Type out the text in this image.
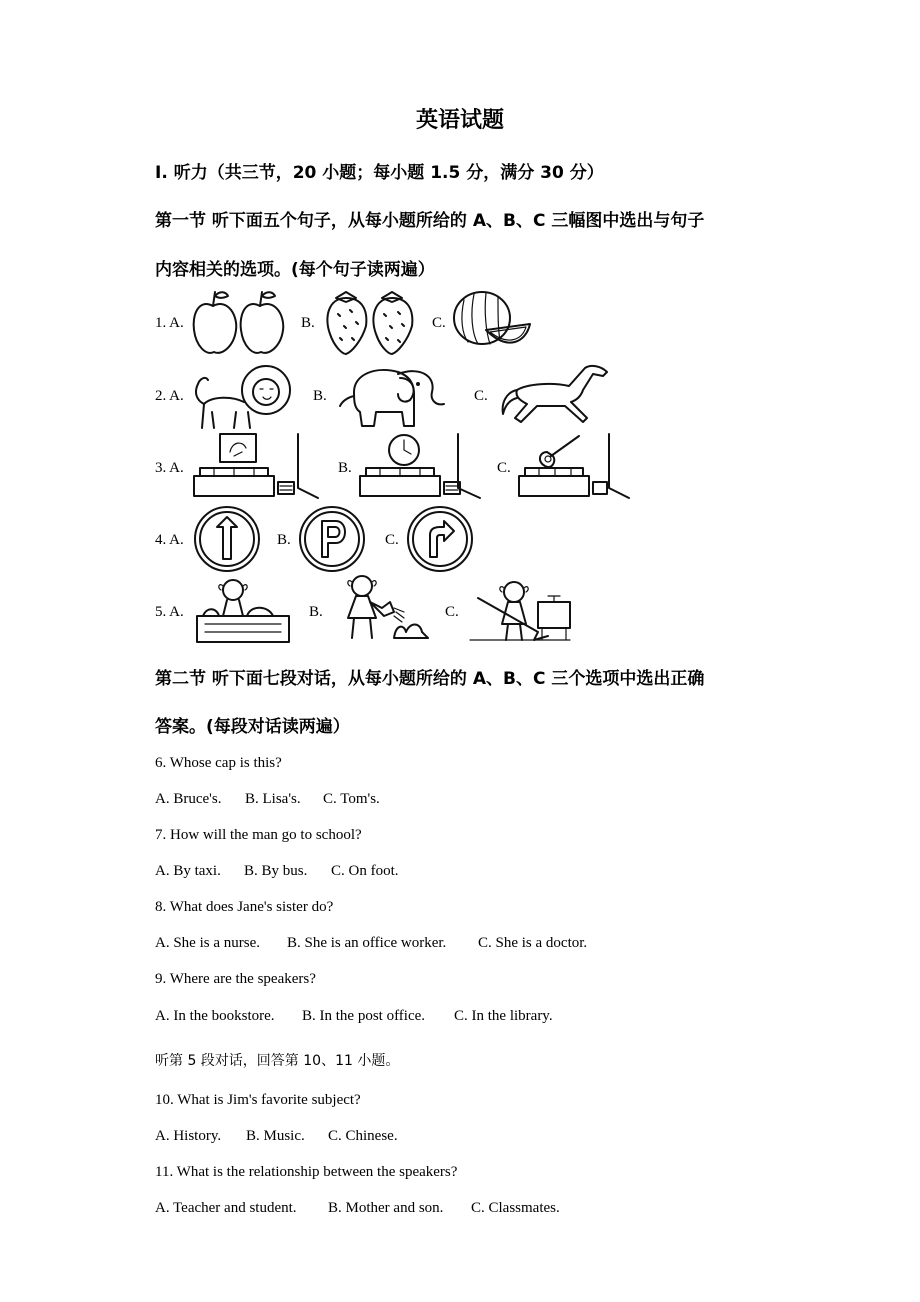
英语试题
I. 听力（共三节，20 小题；每小题 1.5 分，满分 30 分）
第一节 听下面五个句子，从每小题所给的 A、B、C 三幅图中选出与句子
内容相关的选项。(每个句子读两遍）
1. A.	B.	C.
2. A.	B.	C.
3. A.	B.	C.
4. A.	B.	C.
5. A.	B.	C.
第二节 听下面七段对话，从每小题所给的 A、B、C 三个选项中选出正确
答案。(每段对话读两遍）
6. Whose cap is this?
A. Bruce's. B. Lisa's. C. Tom's.
7. How will the man go to school?
A. By taxi. B. By bus. C. On foot.
8. What does Jane's sister do?
A. She is a nurse. B. She is an office worker. C. She is a doctor.
9. Where are the speakers?
A. In the bookstore. B. In the post office. C. In the library.
听第 5 段对话，回答第 10、11 小题。
10. What is Jim's favorite subject?
A. History. B. Music. C. Chinese.
11. What is the relationship between the speakers?
A. Teacher and student. B. Mother and son. C. Classmates.
